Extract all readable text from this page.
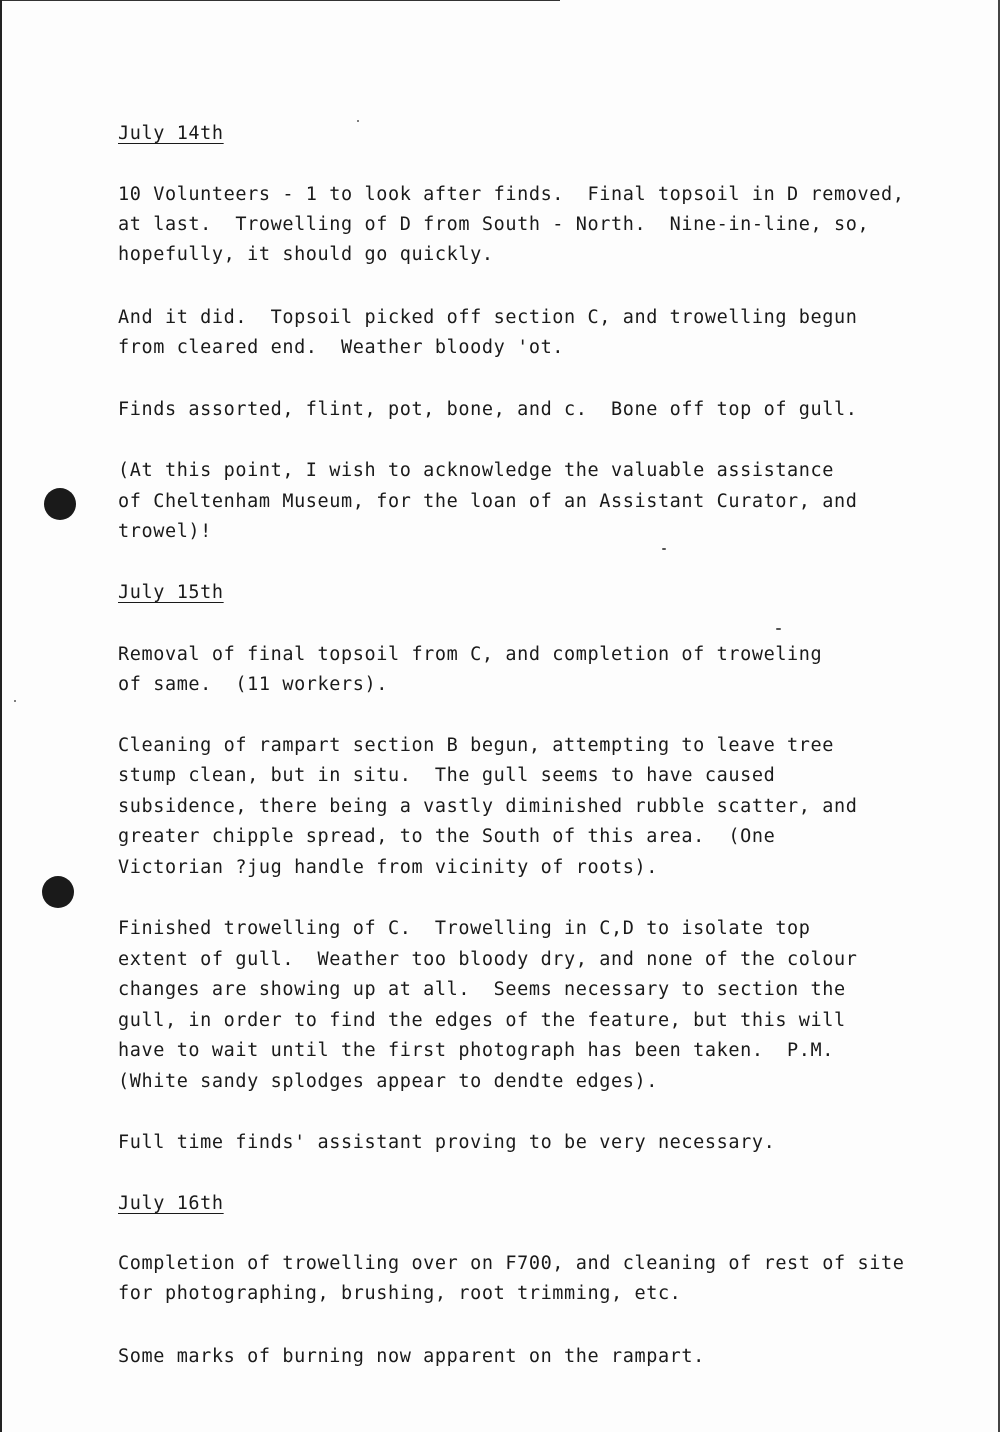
July 14th
10 Volunteers - 1 to look after finds.  Final topsoil in D removed,
at last.  Trowelling of D from South - North.  Nine-in-line, so,
hopefully, it should go quickly.
And it did.  Topsoil picked off section C, and trowelling begun
from cleared end.  Weather bloody 'ot.
Finds assorted, flint, pot, bone, and c.  Bone off top of gull.
(At this point, I wish to acknowledge the valuable assistance
of Cheltenham Museum, for the loan of an Assistant Curator, and
trowel)!
July 15th
Removal of final topsoil from C, and completion of troweling
of same.  (11 workers).
Cleaning of rampart section B begun, attempting to leave tree
stump clean, but in situ.  The gull seems to have caused
subsidence, there being a vastly diminished rubble scatter, and
greater chipple spread, to the South of this area.  (One
Victorian ?jug handle from vicinity of roots).
Finished trowelling of C.  Trowelling in C,D to isolate top
extent of gull.  Weather too bloody dry, and none of the colour
changes are showing up at all.  Seems necessary to section the
gull, in order to find the edges of the feature, but this will
have to wait until the first photograph has been taken.  P.M.
(White sandy splodges appear to dendte edges).
Full time finds' assistant proving to be very necessary.
July 16th
Completion of trowelling over on F700, and cleaning of rest of site
for photographing, brushing, root trimming, etc.
Some marks of burning now apparent on the rampart.
